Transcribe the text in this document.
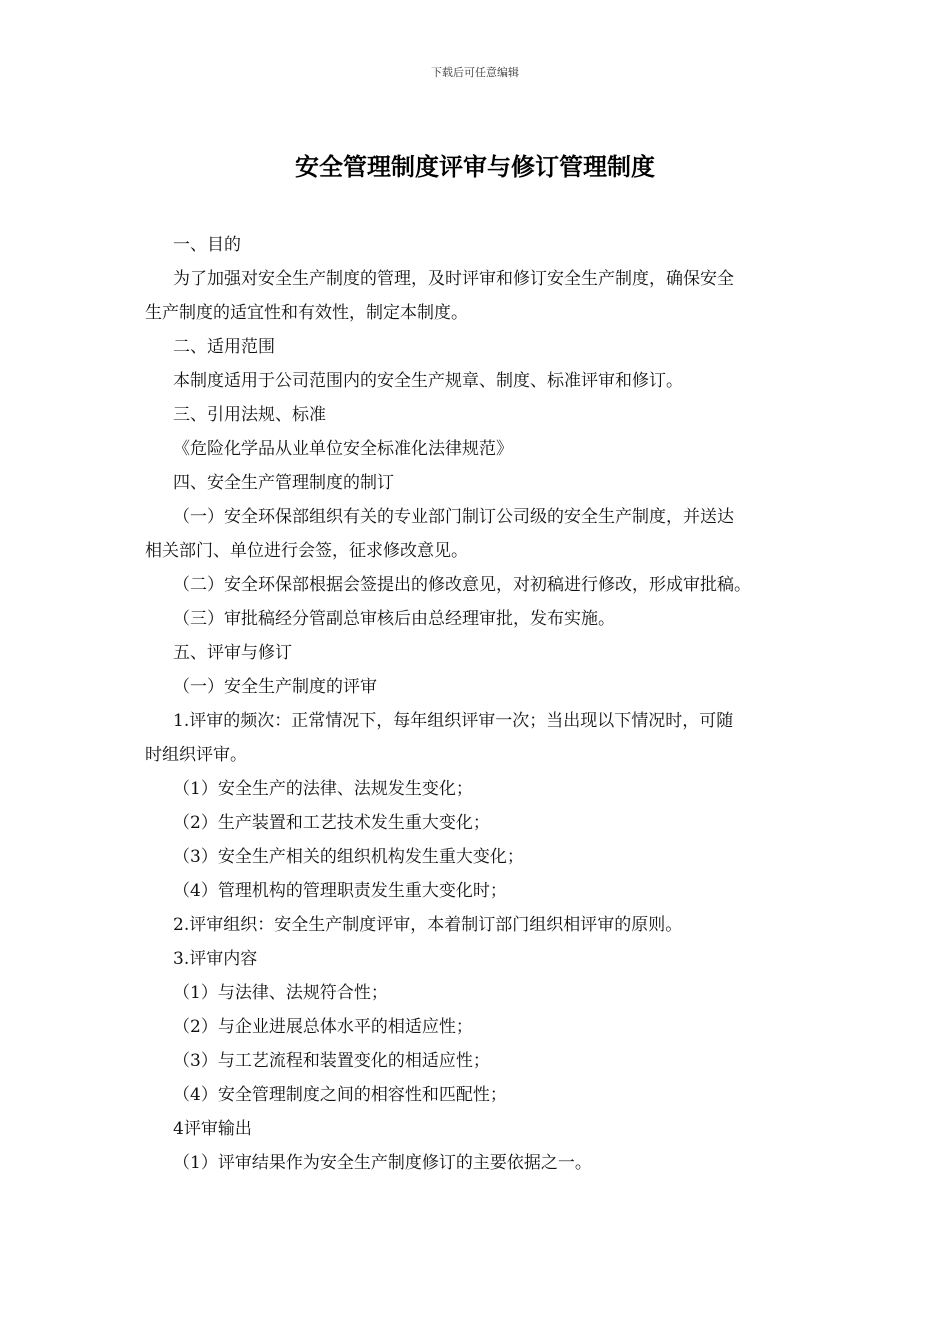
下载后可任意编辑
安全管理制度评审与修订管理制度

一、目的

为了加强对安全生产制度的管理，及时评审和修订安全生产制度，确保安全

生产制度的适宜性和有效性，制定本制度。

二、适用范围

本制度适用于公司范围内的安全生产规章、制度、标准评审和修订。

三、引用法规、标准

《危险化学品从业单位安全标准化法律规范》

四、安全生产管理制度的制订

（一）安全环保部组织有关的专业部门制订公司级的安全生产制度，并送达

相关部门、单位进行会签，征求修改意见。

（二）安全环保部根据会签提出的修改意见，对初稿进行修改，形成审批稿。

（三）审批稿经分管副总审核后由总经理审批，发布实施。

五、评审与修订

（一）安全生产制度的评审

1.评审的频次：正常情况下，每年组织评审一次；当出现以下情况时，可随

时组织评审。

（1）安全生产的法律、法规发生变化；

（2）生产装置和工艺技术发生重大变化；

（3）安全生产相关的组织机构发生重大变化；

（4）管理机构的管理职责发生重大变化时；

2.评审组织：安全生产制度评审，本着制订部门组织相评审的原则。

3.评审内容

（1）与法律、法规符合性；

（2）与企业进展总体水平的相适应性；

（3）与工艺流程和装置变化的相适应性；

（4）安全管理制度之间的相容性和匹配性；

4评审输出

（1）评审结果作为安全生产制度修订的主要依据之一。
